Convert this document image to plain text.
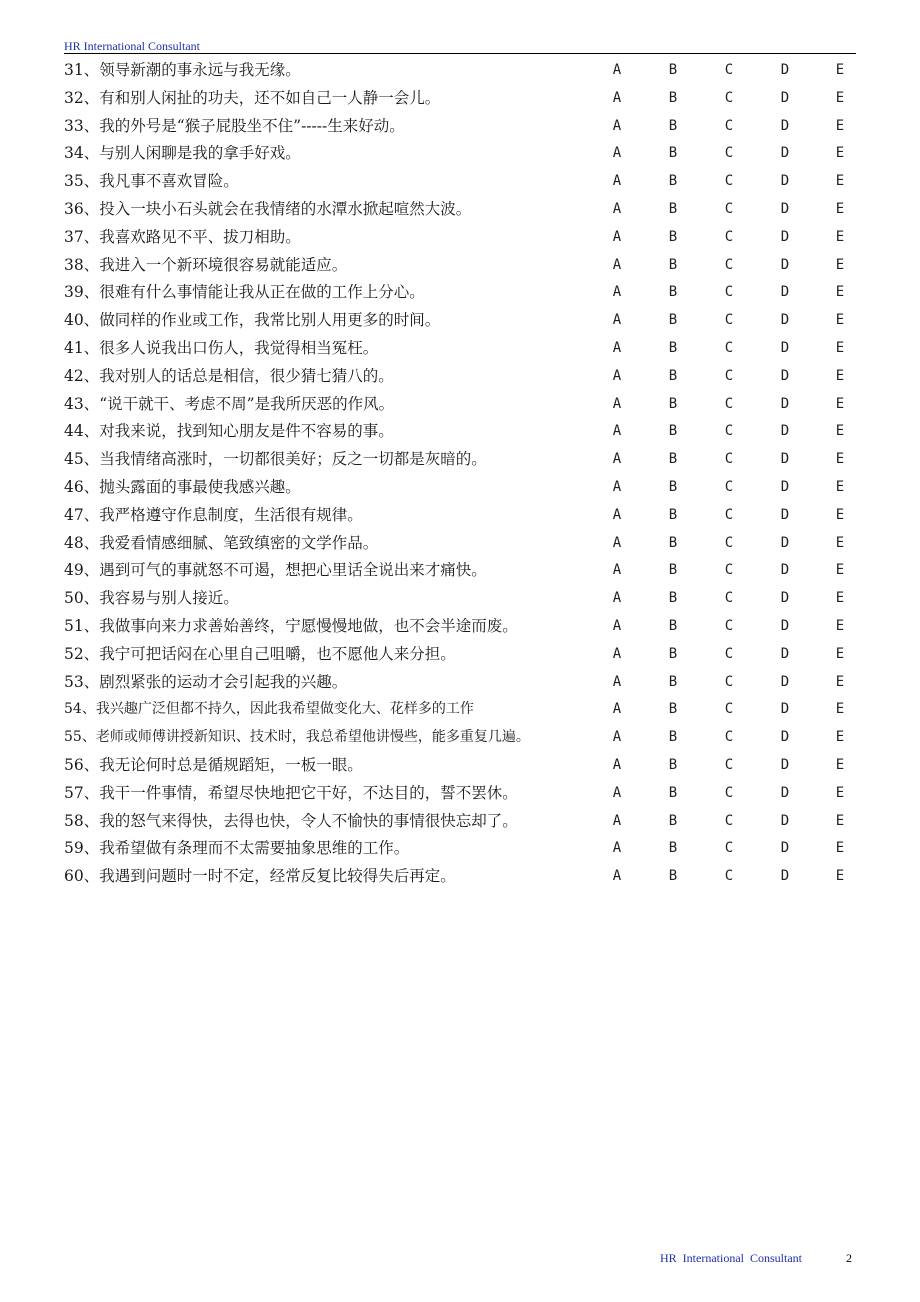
HR International Consultant
31、领导新潮的事永远与我无缘。	A	B	C	D	E
32、有和别人闲扯的功夫，还不如自己一人静一会儿。	A	B	C	D	E
33、我的外号是“猴子屁股坐不住”-----生来好动。	A	B	C	D	E
34、与别人闲聊是我的拿手好戏。	A	B	C	D	E
35、我凡事不喜欢冒险。	A	B	C	D	E
36、投入一块小石头就会在我情绪的水潭水掀起喧然大波。	A	B	C	D	E
37、我喜欢路见不平、拔刀相助。	A	B	C	D	E
38、我进入一个新环境很容易就能适应。	A	B	C	D	E
39、很难有什么事情能让我从正在做的工作上分心。	A	B	C	D	E
40、做同样的作业或工作，我常比别人用更多的时间。	A	B	C	D	E
41、很多人说我出口伤人，我觉得相当冤枉。	A	B	C	D	E
42、我对别人的话总是相信，很少猜七猜八的。	A	B	C	D	E
43、“说干就干、考虑不周”是我所厌恶的作风。	A	B	C	D	E
44、对我来说，找到知心朋友是件不容易的事。	A	B	C	D	E
45、当我情绪高涨时，一切都很美好；反之一切都是灰暗的。	A	B	C	D	E
46、抛头露面的事最使我感兴趣。	A	B	C	D	E
47、我严格遵守作息制度，生活很有规律。	A	B	C	D	E
48、我爱看情感细腻、笔致缜密的文学作品。	A	B	C	D	E
49、遇到可气的事就怒不可遏，想把心里话全说出来才痛快。	A	B	C	D	E
50、我容易与别人接近。	A	B	C	D	E
51、我做事向来力求善始善终，宁愿慢慢地做，也不会半途而废。	A	B	C	D	E
52、我宁可把话闷在心里自己咀嚼，也不愿他人来分担。	A	B	C	D	E
53、剧烈紧张的运动才会引起我的兴趣。	A	B	C	D	E
54、我兴趣广泛但都不持久，因此我希望做变化大、花样多的工作	A	B	C	D	E
55、老师或师傅讲授新知识、技术时，我总希望他讲慢些，能多重复几遍。	A	B	C	D	E
56、我无论何时总是循规蹈矩，一板一眼。	A	B	C	D	E
57、我干一件事情，希望尽快地把它干好，不达目的，誓不罢休。	A	B	C	D	E
58、我的怒气来得快，去得也快，令人不愉快的事情很快忘却了。	A	B	C	D	E
59、我希望做有条理而不太需要抽象思维的工作。	A	B	C	D	E
60、我遇到问题时一时不定，经常反复比较得失后再定。	A	B	C	D	E
HR International Consultant	2
